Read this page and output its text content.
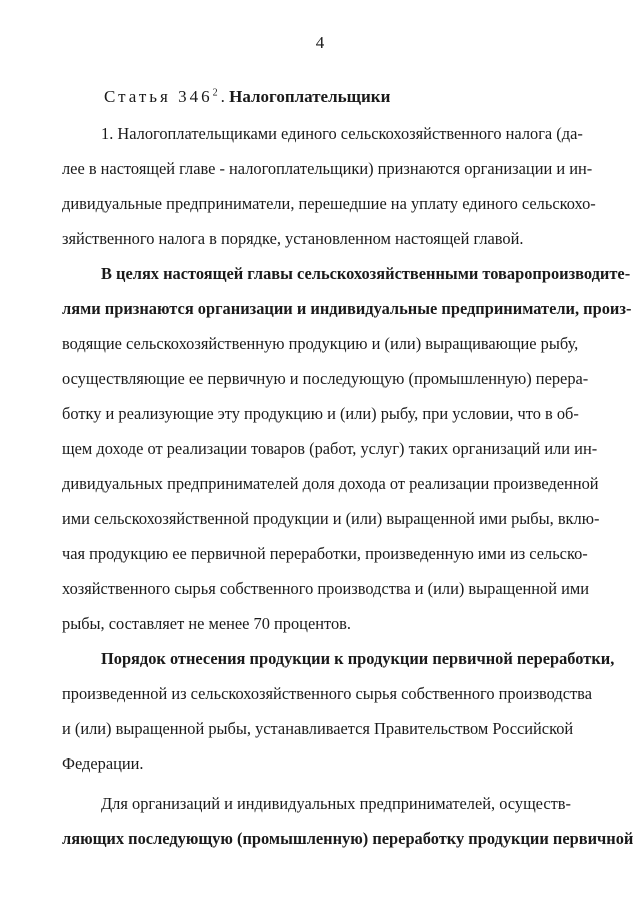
4
Статья $346^2$. Налогоплательщики
1. Налогоплательщиками единого сельскохозяйственного налога (да-
лее в настоящей главе - налогоплательщики) признаются организации и ин-
дивидуальные предприниматели, перешедшие на уплату единого сельскохо-
зяйственного налога в порядке, установленном настоящей главой.
В целях настоящей главы сельскохозяйственными товаропроизводите-
лями признаются организации и индивидуальные предприниматели, произ-
водящие сельскохозяйственную продукцию и (или) выращивающие рыбу,
осуществляющие ее первичную и последующую (промышленную) перера-
ботку и реализующие эту продукцию и (или) рыбу, при условии, что в об-
щем доходе от реализации товаров (работ, услуг) таких организаций или ин-
дивидуальных предпринимателей доля дохода от реализации произведенной
ими сельскохозяйственной продукции и (или) выращенной ими рыбы, вклю-
чая продукцию ее первичной переработки, произведенную ими из сельско-
хозяйственного сырья собственного производства и (или) выращенной ими
рыбы, составляет не менее 70 процентов.
Порядок отнесения продукции к продукции первичной переработки,
произведенной из сельскохозяйственного сырья собственного производства
и (или) выращенной рыбы, устанавливается Правительством Российской
Федерации.
Для организаций и индивидуальных предпринимателей, осуществ-
ляющих последующую (промышленную) переработку продукции первичной
